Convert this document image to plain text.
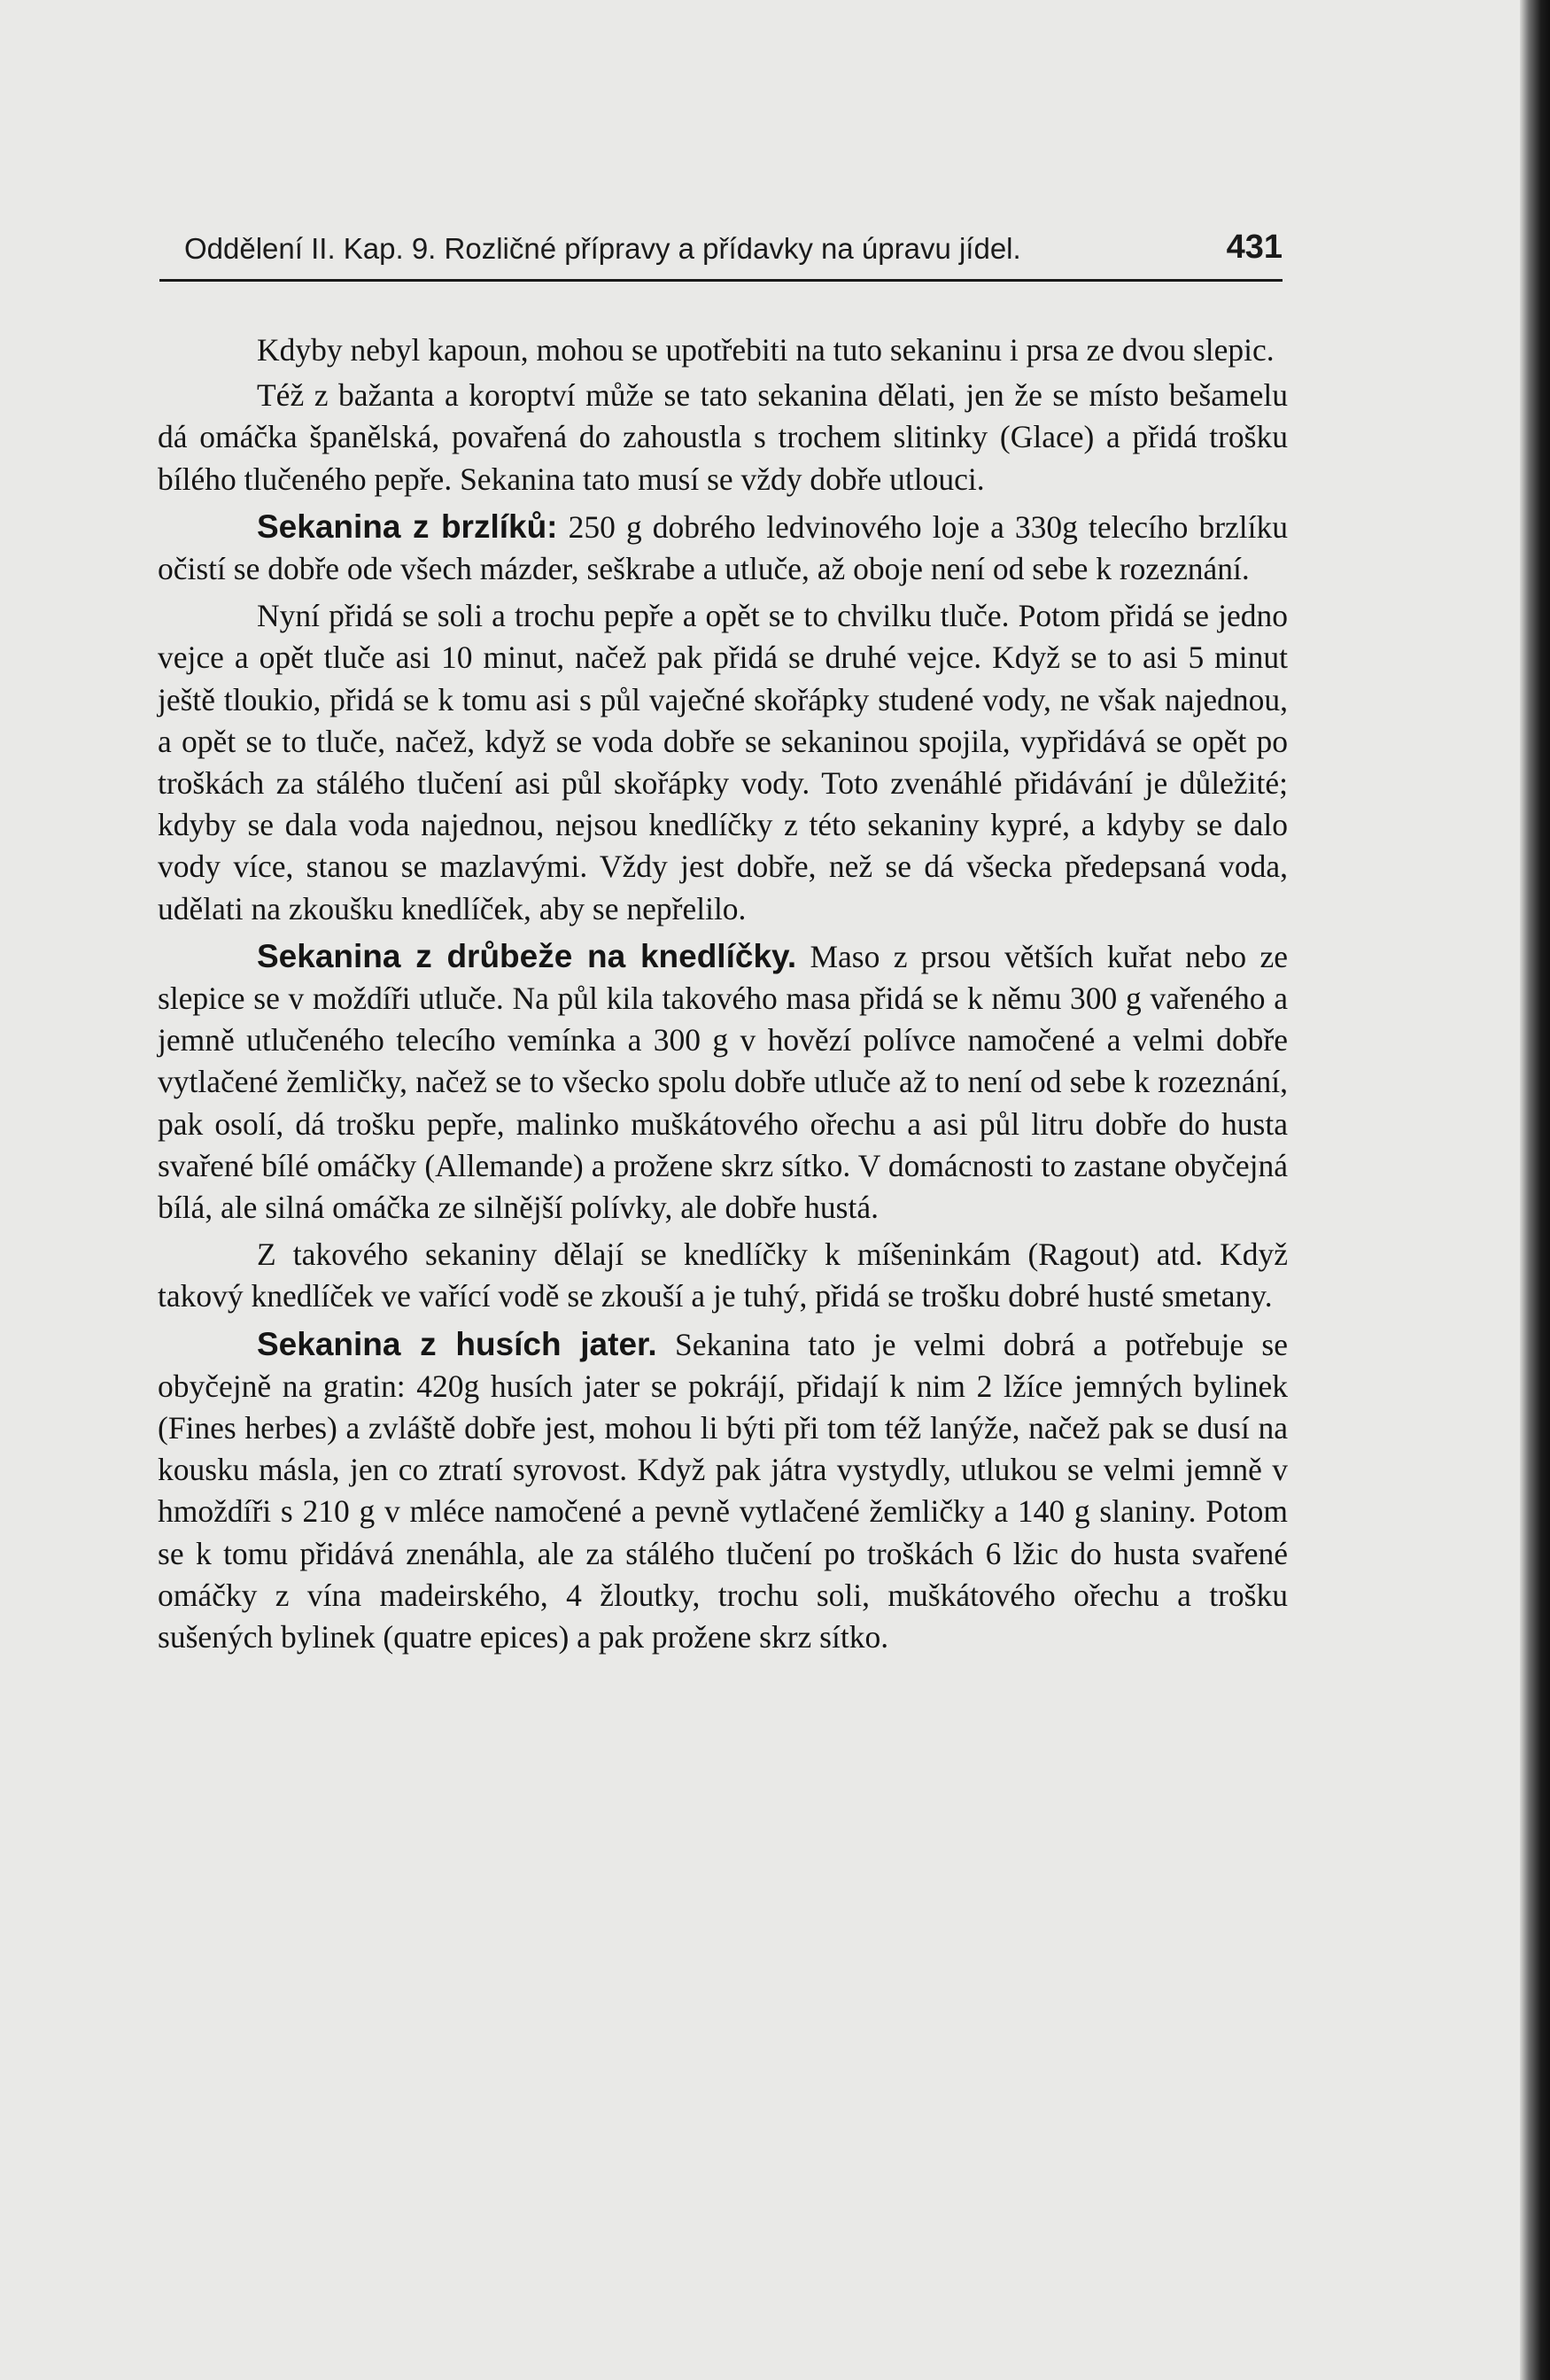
Oddělení II. Kap. 9. Rozličné přípravy a přídavky na úpravu jídel.	431

Kdyby nebyl kapoun, mohou se upotřebiti na tuto sekaninu i prsa ze dvou slepic.

Též z bažanta a koroptví může se tato sekanina dělati, jen že se místo bešamelu dá omáčka španělská, povařená do zahoustla s trochem slitinky (Glace) a přidá trošku bílého tlučeného pepře. Sekanina tato musí se vždy dobře utlouci.

Sekanina z brzlíků: 250 g dobrého ledvinového loje a 330g telecího brzlíku očistí se dobře ode všech mázder, seškrabe a utluče, až oboje není od sebe k rozeznání.

Nyní přidá se soli a trochu pepře a opět se to chvilku tluče. Potom přidá se jedno vejce a opět tluče asi 10 minut, načež pak přidá se druhé vejce. Když se to asi 5 minut ještě tloukio, přidá se k tomu asi s půl vaječné skořápky studené vody, ne však najednou, a opět se to tluče, načež, když se voda dobře se sekaninou spojila, vypřidává se opět po troškách za stálého tlučení asi půl skořápky vody. Toto zvenáhlé přidávání je důležité; kdyby se dala voda najednou, nejsou knedlíčky z této sekaniny kypré, a kdyby se dalo vody více, stanou se mazlavými. Vždy jest dobře, než se dá všecka předepsaná voda, udělati na zkoušku knedlíček, aby se nepřelilo.

Sekanina z drůbeže na knedlíčky. Maso z prsou větších kuřat nebo ze slepice se v moždíři utluče. Na půl kila takového masa přidá se k němu 300 g vařeného a jemně utlučeného telecího vemínka a 300 g v hovězí polívce namočené a velmi dobře vytlačené žemličky, načež se to všecko spolu dobře utluče až to není od sebe k rozeznání, pak osolí, dá trošku pepře, malinko muškátového ořechu a asi půl litru dobře do husta svařené bílé omáčky (Allemande) a prožene skrz sítko. V domácnosti to zastane obyčejná bílá, ale silná omáčka ze silnější polívky, ale dobře hustá.

Z takového sekaniny dělají se knedlíčky k míšeninkám (Ragout) atd. Když takový knedlíček ve vařící vodě se zkouší a je tuhý, přidá se trošku dobré husté smetany.

Sekanina z husích jater. Sekanina tato je velmi dobrá a potřebuje se obyčejně na gratin: 420g husích jater se pokrájí, přidají k nim 2 lžíce jemných bylinek (Fines herbes) a zvláště dobře jest, mohou li býti při tom též lanýže, načež pak se dusí na kousku másla, jen co ztratí syrovost. Když pak játra vystydly, utlukou se velmi jemně v hmoždíři s 210 g v mléce namočené a pevně vytlačené žemličky a 140 g slaniny. Potom se k tomu přidává znenáhla, ale za stálého tlučení po troškách 6 lžic do husta svařené omáčky z vína madeirského, 4 žloutky, trochu soli, muškátového ořechu a trošku sušených bylinek (quatre epices) a pak prožene skrz sítko.
